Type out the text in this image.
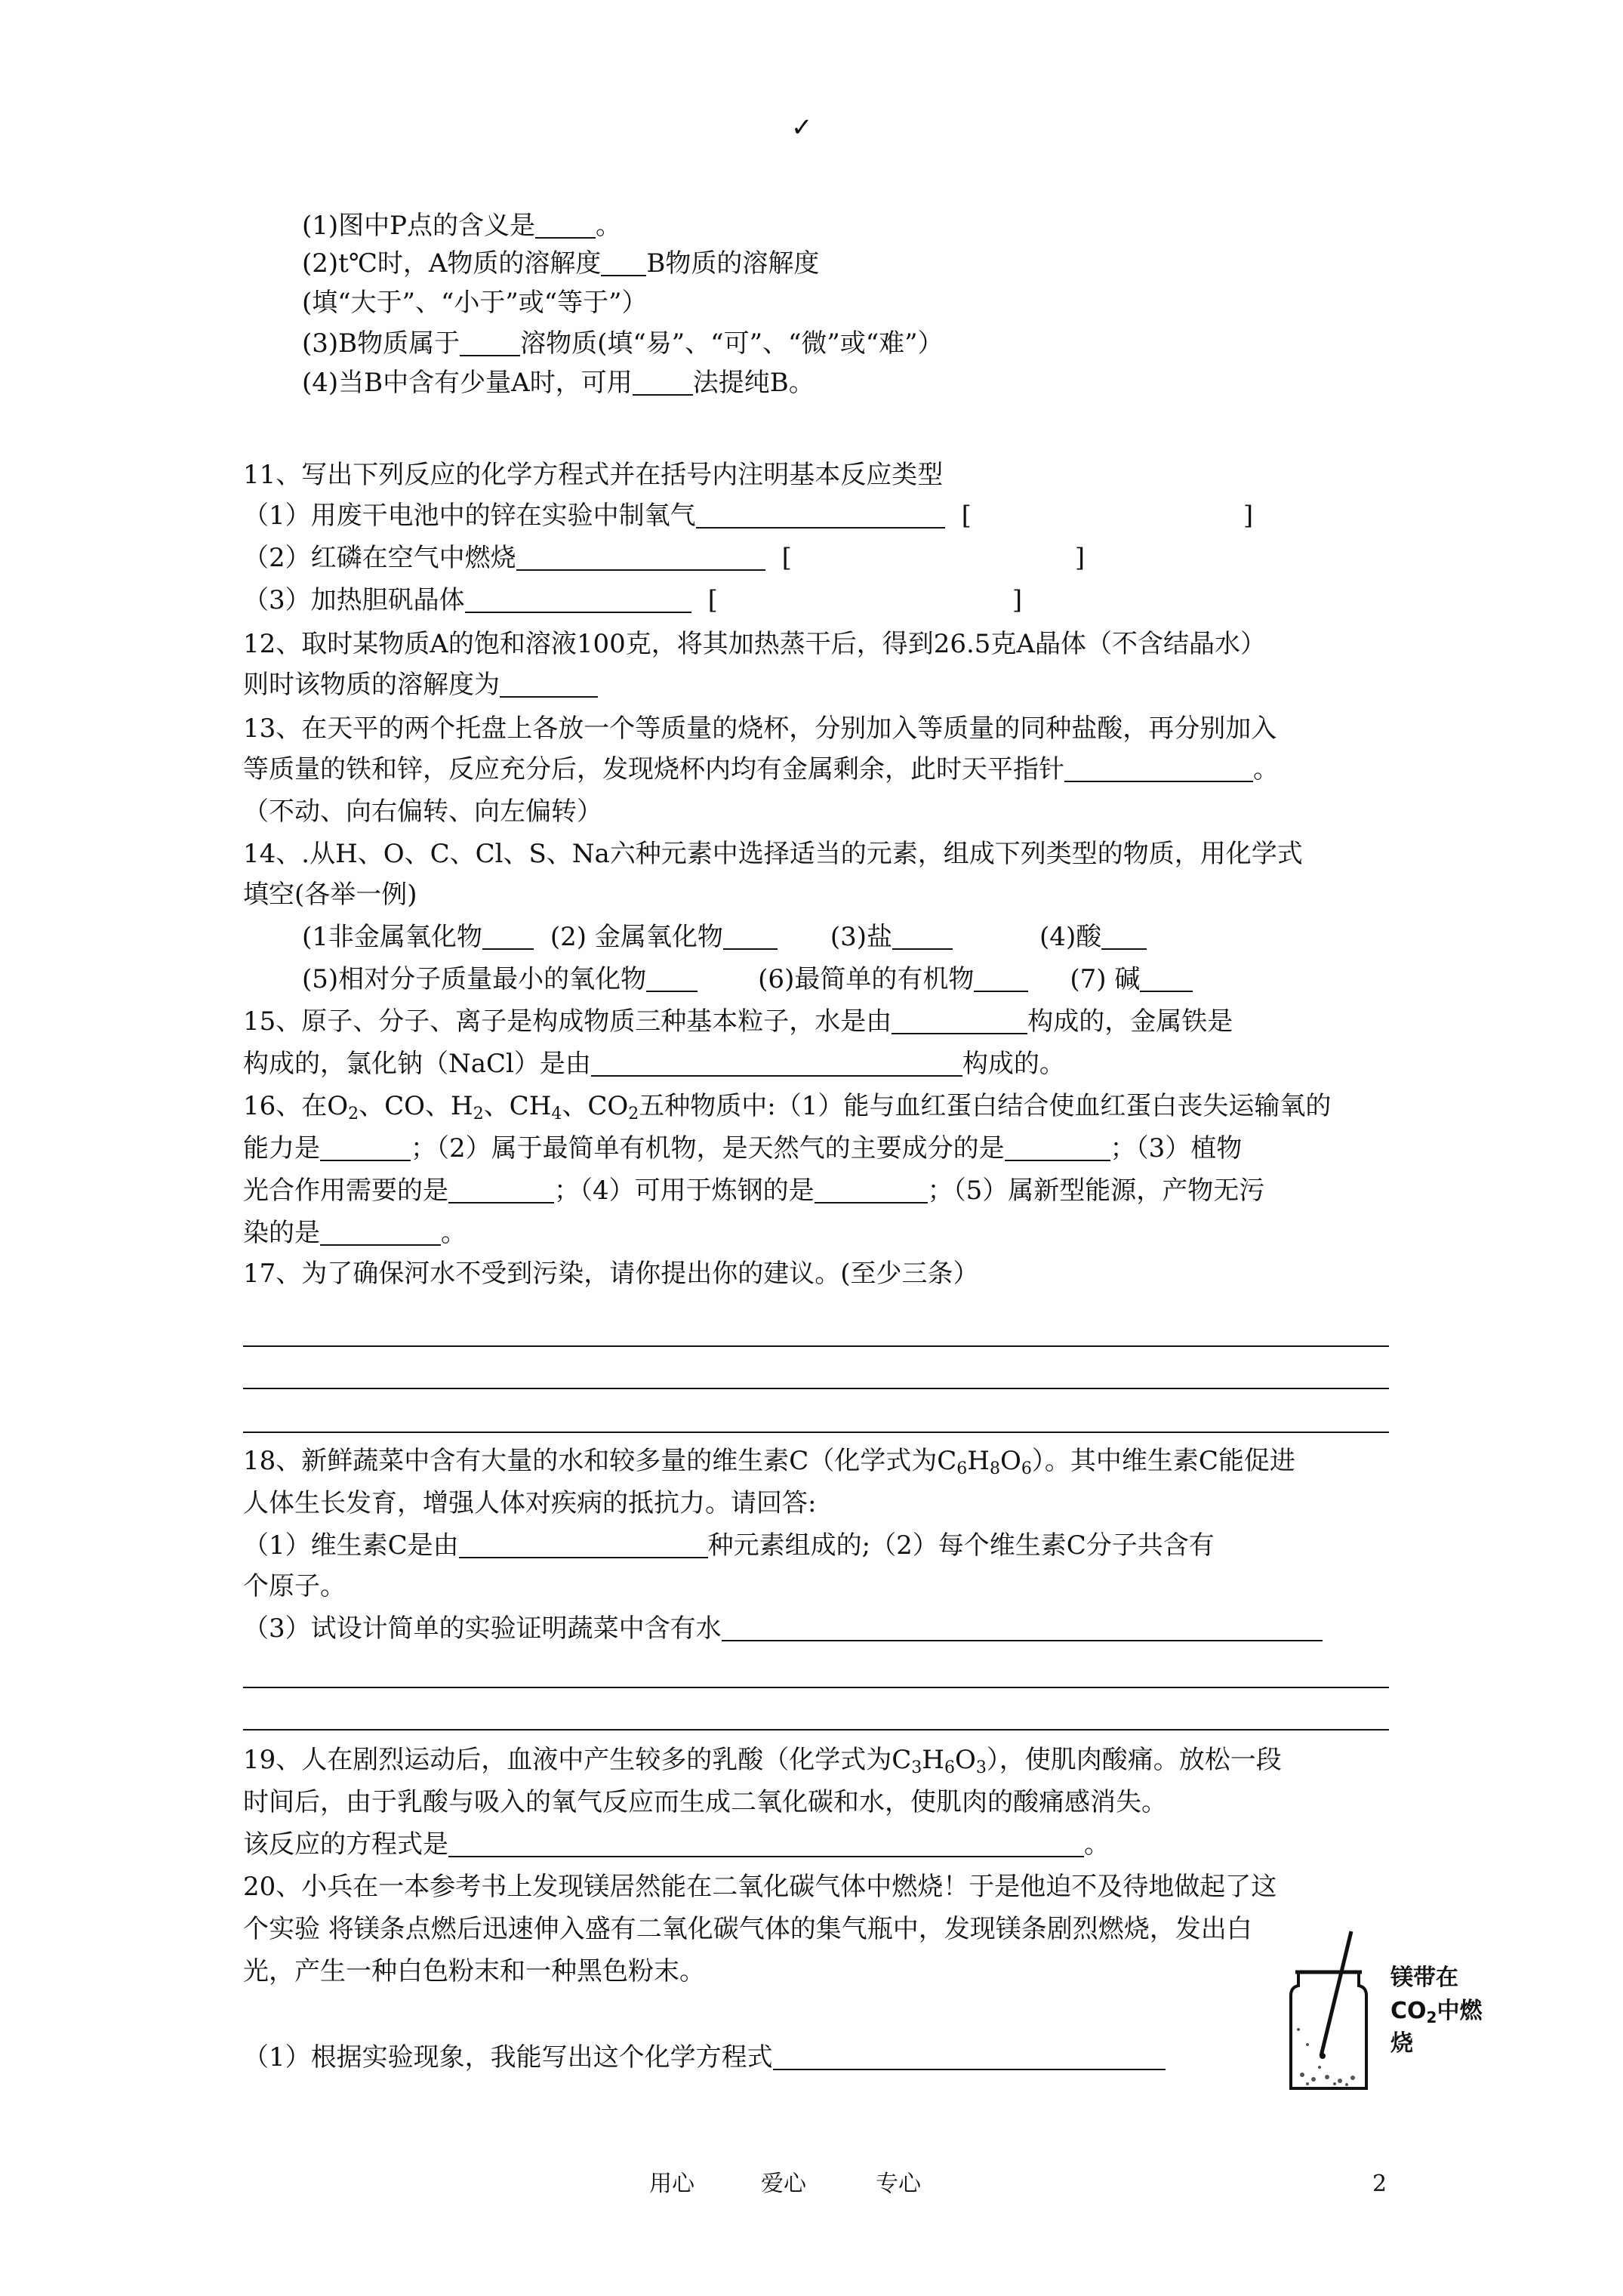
✓
(1)图中P点的含义是 。
(2)t℃时，A物质的溶解度 B物质的溶解度
(填“大于”、“小于”或“等于”）
(3)B物质属于 溶物质(填“易”、“可”、“微”或“难”）
(4)当B中含有少量A时，可用 法提纯B。
11、写出下列反应的化学方程式并在括号内注明基本反应类型
（1）用废干电池中的锌在实验中制氧气	[	]
（2）红磷在空气中燃烧	[	]
（3）加热胆矾晶体	[	]
12、取时某物质A的饱和溶液100克，将其加热蒸干后，得到26.5克A晶体（不含结晶水）
则时该物质的溶解度为
13、在天平的两个托盘上各放一个等质量的烧杯，分别加入等质量的同种盐酸，再分别加入
等质量的铁和锌，反应充分后，发现烧杯内均有金属剩余，此时天平指针	。
（不动、向右偏转、向左偏转）
14、.从H、O、C、Cl、S、Na六种元素中选择适当的元素，组成下列类型的物质，用化学式
填空(各举一例)
(1非金属氧化物	(2) 金属氧化物	(3)盐	(4)酸
(5)相对分子质量最小的氧化物	(6)最简单的有机物	(7) 碱
15、原子、分子、离子是构成物质三种基本粒子，水是由	构成的，金属铁是
构成的，氯化钠（NaCl）是由	构成的。
16、在$O_2$、CO、$H_2$、$CH_4$、$CO_2$五种物质中:（1）能与血红蛋白结合使血红蛋白丧失运输氧的
能力是	；（2）属于最简单有机物，是天然气的主要成分的是	；（3）植物
光合作用需要的是	；（4）可用于炼钢的是	；（5）属新型能源，产物无污
染的是	。
17、为了确保河水不受到污染，请你提出你的建议。(至少三条）
18、新鲜蔬菜中含有大量的水和较多量的维生素C（化学式为$C_6H_8O_6$）。其中维生素C能促进
人体生长发育，增强人体对疾病的抵抗力。请回答:
（1）维生素C是由	种元素组成的;（2）每个维生素C分子共含有
个原子。
（3）试设计简单的实验证明蔬菜中含有水
19、人在剧烈运动后，血液中产生较多的乳酸（化学式为$C_3H_6O_3$），使肌肉酸痛。放松一段
时间后，由于乳酸与吸入的氧气反应而生成二氧化碳和水，使肌肉的酸痛感消失。
该反应的方程式是	。
20、小兵在一本参考书上发现镁居然能在二氧化碳气体中燃烧！于是他迫不及待地做起了这
个实验 将镁条点燃后迅速伸入盛有二氧化碳气体的集气瓶中，发现镁条剧烈燃烧，发出白
光，产生一种白色粉末和一种黑色粉末。
（1）根据实验现象，我能写出这个化学方程式
镁带在
$CO_2$中燃
烧
用心	爱心	专心	2
